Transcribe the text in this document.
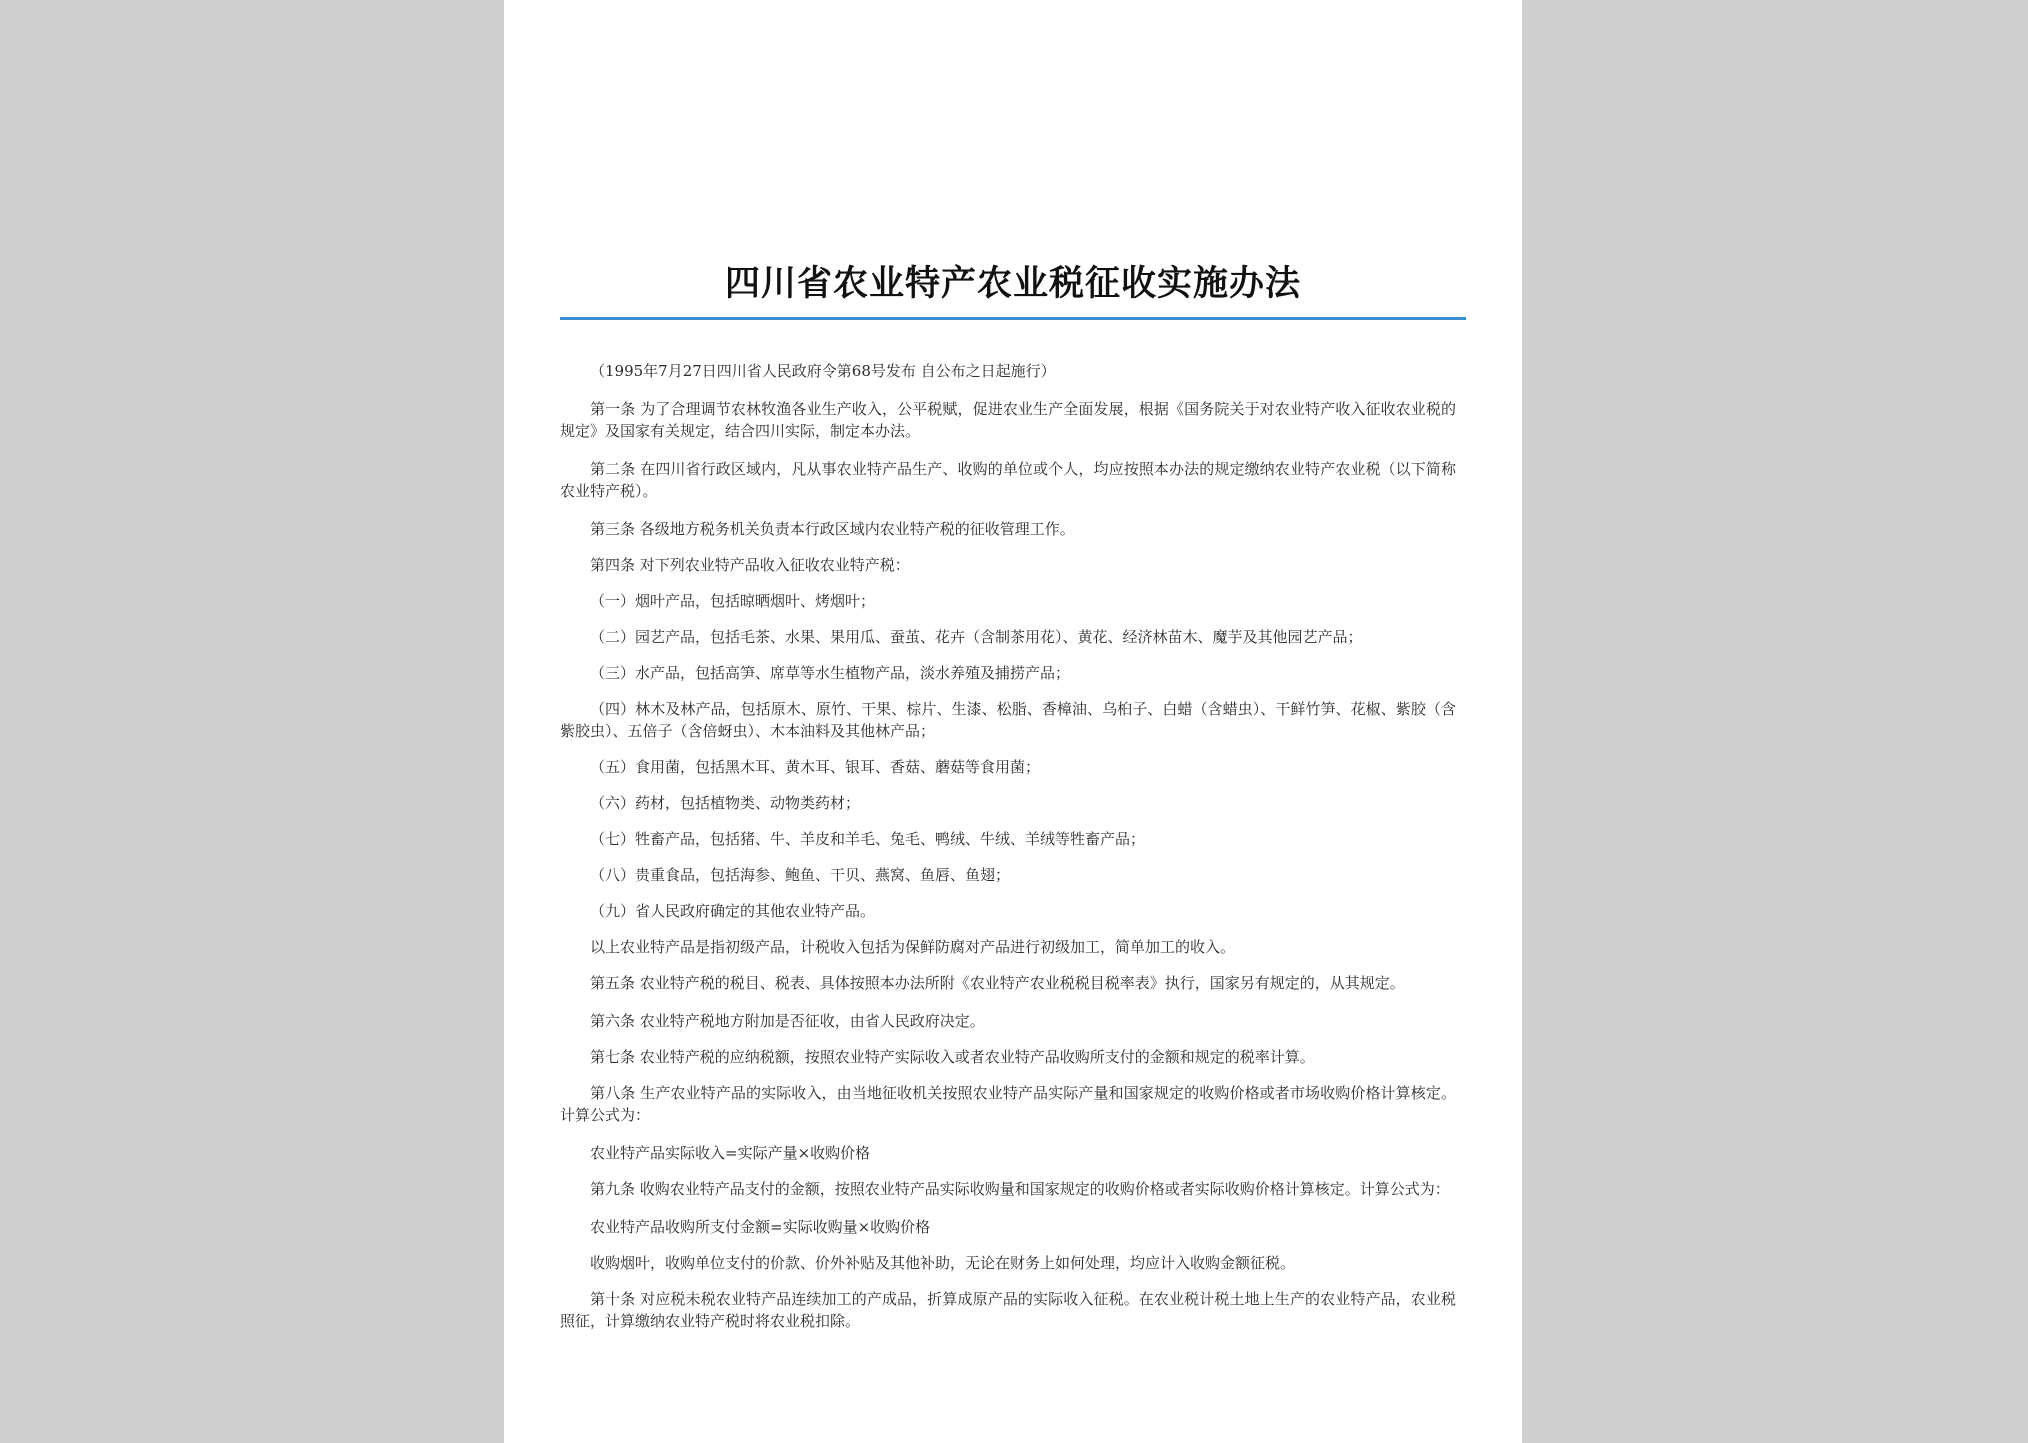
四川省农业特产农业税征收实施办法

（1995年7月27日四川省人民政府令第68号发布 自公布之日起施行）

第一条 为了合理调节农林牧渔各业生产收入，公平税赋，促进农业生产全面发展，根据《国务院关于对农业特产收入征收农业税的规定》及国家有关规定，结合四川实际，制定本办法。

第二条 在四川省行政区域内，凡从事农业特产品生产、收购的单位或个人，均应按照本办法的规定缴纳农业特产农业税（以下简称农业特产税）。

第三条 各级地方税务机关负责本行政区域内农业特产税的征收管理工作。

第四条 对下列农业特产品收入征收农业特产税：

（一）烟叶产品，包括晾晒烟叶、烤烟叶；

（二）园艺产品，包括毛茶、水果、果用瓜、蚕茧、花卉（含制茶用花）、黄花、经济林苗木、魔芋及其他园艺产品；

（三）水产品，包括高笋、席草等水生植物产品，淡水养殖及捕捞产品；

（四）林木及林产品，包括原木、原竹、干果、棕片、生漆、松脂、香樟油、乌桕子、白蜡（含蜡虫）、干鲜竹笋、花椒、紫胶（含紫胶虫）、五倍子（含倍蚜虫）、木本油料及其他林产品；

（五）食用菌，包括黑木耳、黄木耳、银耳、香菇、蘑菇等食用菌；

（六）药材，包括植物类、动物类药材；

（七）牲畜产品，包括猪、牛、羊皮和羊毛、兔毛、鸭绒、牛绒、羊绒等牲畜产品；

（八）贵重食品，包括海参、鲍鱼、干贝、燕窝、鱼唇、鱼翅；

（九）省人民政府确定的其他农业特产品。

以上农业特产品是指初级产品，计税收入包括为保鲜防腐对产品进行初级加工，简单加工的收入。

第五条 农业特产税的税目、税表、具体按照本办法所附《农业特产农业税税目税率表》执行，国家另有规定的，从其规定。

第六条 农业特产税地方附加是否征收，由省人民政府决定。

第七条 农业特产税的应纳税额，按照农业特产实际收入或者农业特产品收购所支付的金额和规定的税率计算。

第八条 生产农业特产品的实际收入，由当地征收机关按照农业特产品实际产量和国家规定的收购价格或者市场收购价格计算核定。计算公式为：

农业特产品实际收入=实际产量×收购价格

第九条 收购农业特产品支付的金额，按照农业特产品实际收购量和国家规定的收购价格或者实际收购价格计算核定。计算公式为：

农业特产品收购所支付金额=实际收购量×收购价格

收购烟叶，收购单位支付的价款、价外补贴及其他补助，无论在财务上如何处理，均应计入收购金额征税。

第十条 对应税未税农业特产品连续加工的产成品，折算成原产品的实际收入征税。在农业税计税土地上生产的农业特产品，农业税照征，计算缴纳农业特产税时将农业税扣除。
